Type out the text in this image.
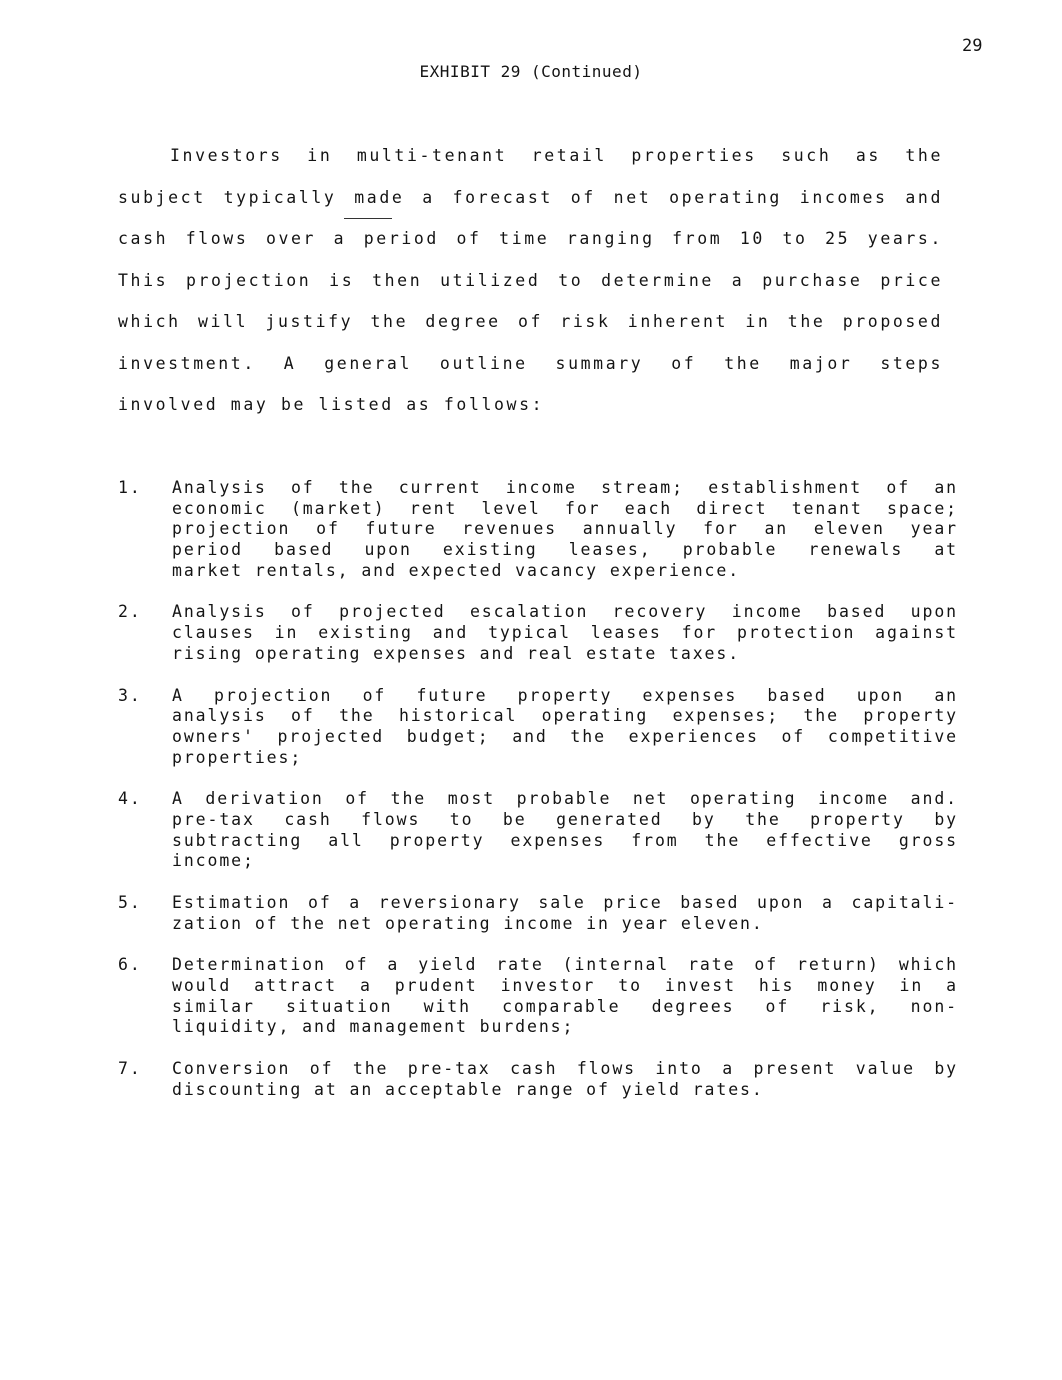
29
EXHIBIT 29 (Continued)
Investors in multi-tenant retail properties such as the
subject typically made a forecast of net operating incomes and
cash flows over a period of time ranging from 10 to 25 years.
This projection is then utilized to determine a purchase price
which will justify the degree of risk inherent in the proposed
investment. A general outline summary of the major steps
involved may be listed as follows:
1.	Analysis of the current income stream; establishment of an
economic (market) rent level for each direct tenant space;
projection of future revenues annually for an eleven year
period based upon existing leases, probable renewals at
market rentals, and expected vacancy experience.
2.	Analysis of projected escalation recovery income based upon
clauses in existing and typical leases for protection against
rising operating expenses and real estate taxes.
3.	A projection of future property expenses based upon an
analysis of the historical operating expenses; the property
owners' projected budget; and the experiences of competitive
properties;
4.	A derivation of the most probable net operating income and.
pre-tax cash flows to be generated by the property by
subtracting all property expenses from the effective gross
income;
5.	Estimation of a reversionary sale price based upon a capitali-
zation of the net operating income in year eleven.
6.	Determination of a yield rate (internal rate of return) which
would attract a prudent investor to invest his money in a
similar situation with comparable degrees of risk, non-
liquidity, and management burdens;
7.	Conversion of the pre-tax cash flows into a present value by
discounting at an acceptable range of yield rates.
